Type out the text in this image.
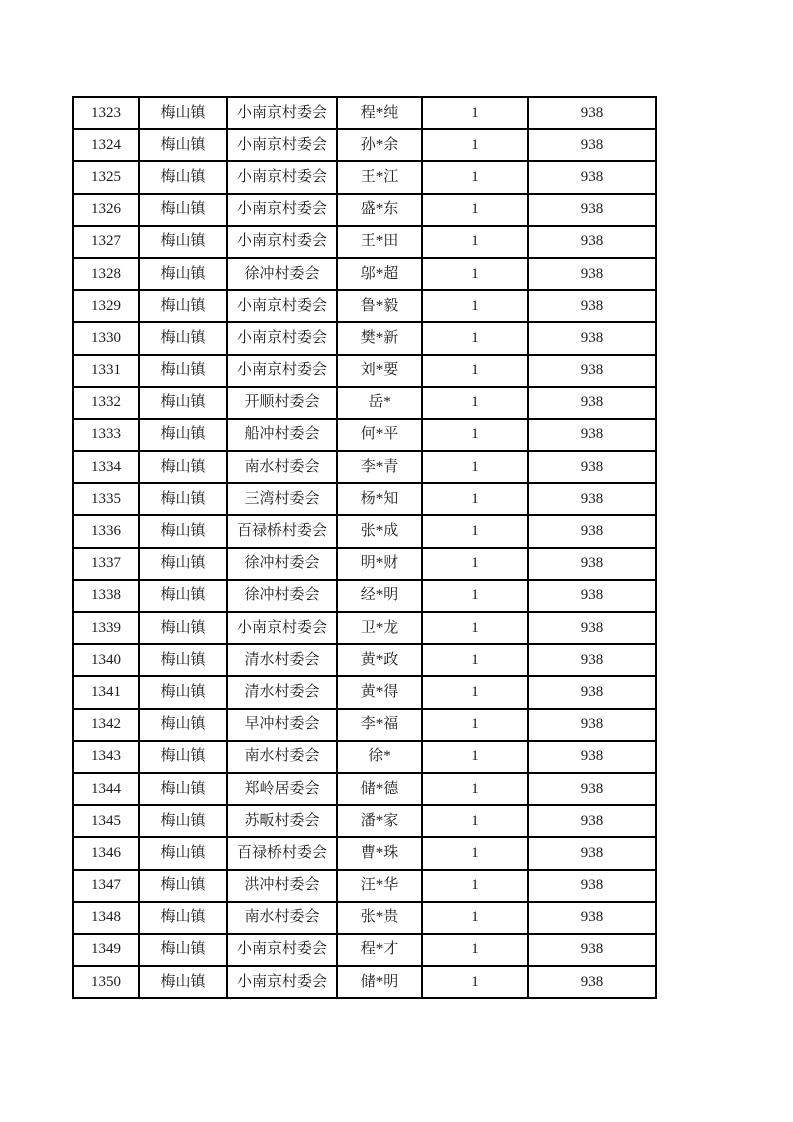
1323	梅山镇	小南京村委会	程*纯	1	938
1324	梅山镇	小南京村委会	孙*余	1	938
1325	梅山镇	小南京村委会	王*江	1	938
1326	梅山镇	小南京村委会	盛*东	1	938
1327	梅山镇	小南京村委会	王*田	1	938
1328	梅山镇	徐冲村委会	邬*超	1	938
1329	梅山镇	小南京村委会	鲁*毅	1	938
1330	梅山镇	小南京村委会	樊*新	1	938
1331	梅山镇	小南京村委会	刘*要	1	938
1332	梅山镇	开顺村委会	岳*	1	938
1333	梅山镇	船冲村委会	何*平	1	938
1334	梅山镇	南水村委会	李*青	1	938
1335	梅山镇	三湾村委会	杨*知	1	938
1336	梅山镇	百禄桥村委会	张*成	1	938
1337	梅山镇	徐冲村委会	明*财	1	938
1338	梅山镇	徐冲村委会	经*明	1	938
1339	梅山镇	小南京村委会	卫*龙	1	938
1340	梅山镇	清水村委会	黄*政	1	938
1341	梅山镇	清水村委会	黄*得	1	938
1342	梅山镇	早冲村委会	李*福	1	938
1343	梅山镇	南水村委会	徐*	1	938
1344	梅山镇	郑岭居委会	储*德	1	938
1345	梅山镇	苏畈村委会	潘*家	1	938
1346	梅山镇	百禄桥村委会	曹*珠	1	938
1347	梅山镇	洪冲村委会	汪*华	1	938
1348	梅山镇	南水村委会	张*贵	1	938
1349	梅山镇	小南京村委会	程*才	1	938
1350	梅山镇	小南京村委会	储*明	1	938
